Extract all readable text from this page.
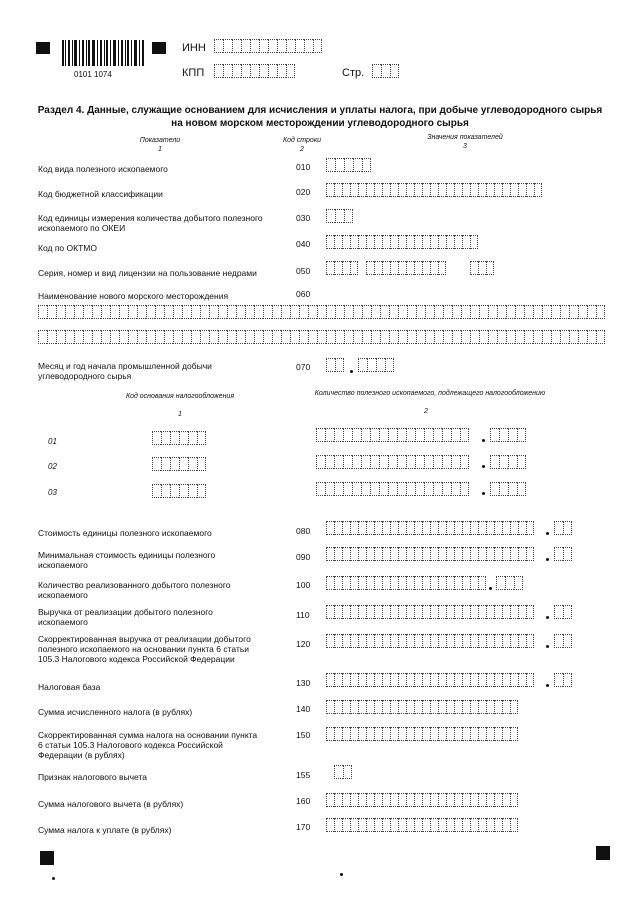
0101 1074
ИНН
КПП	Стр.
Раздел 4. Данные, служащие основанием для исчисления и уплаты налога, при добыче углеводородного сырья
на новом морском месторождении углеводородного сырья
Показатели
1
Код строки
2
Значения показателей
3
Код вида полезного ископаемого	010
Код бюджетной классификации	020
Код единицы измерения количества добытого полезного ископаемого по ОКЕИ
030
Код по ОКТМО	040
Серия, номер и вид лицензии на пользование недрами	050
Наименование нового морского месторождения	060
Месяц и год начала промышленной добычи углеводородного сырья
070
Код основания налогообложения
1
Количество полезного ископаемого, подлежащего налогообложению
2
01
02
03
Стоимость единицы полезного ископаемого	080
Минимальная стоимость единицы полезного ископаемого
090
Количество реализованного добытого полезного ископаемого
100
Выручка от реализации добытого полезного ископаемого
110
Скорректированная выручка от реализации добытого полезного ископаемого на основании пункта 6 статьи 105.3 Налогового кодекса Российской Федерации
120
Налоговая база	130
Сумма исчисленного налога (в рублях)	140
Скорректированная сумма налога на основании пункта 6 статьи 105.3 Налогового кодекса Российской Федерации (в рублях)
150
Признак налогового вычета	155
Сумма налогового вычета (в рублях)	160
Сумма налога к уплате (в рублях)	170
